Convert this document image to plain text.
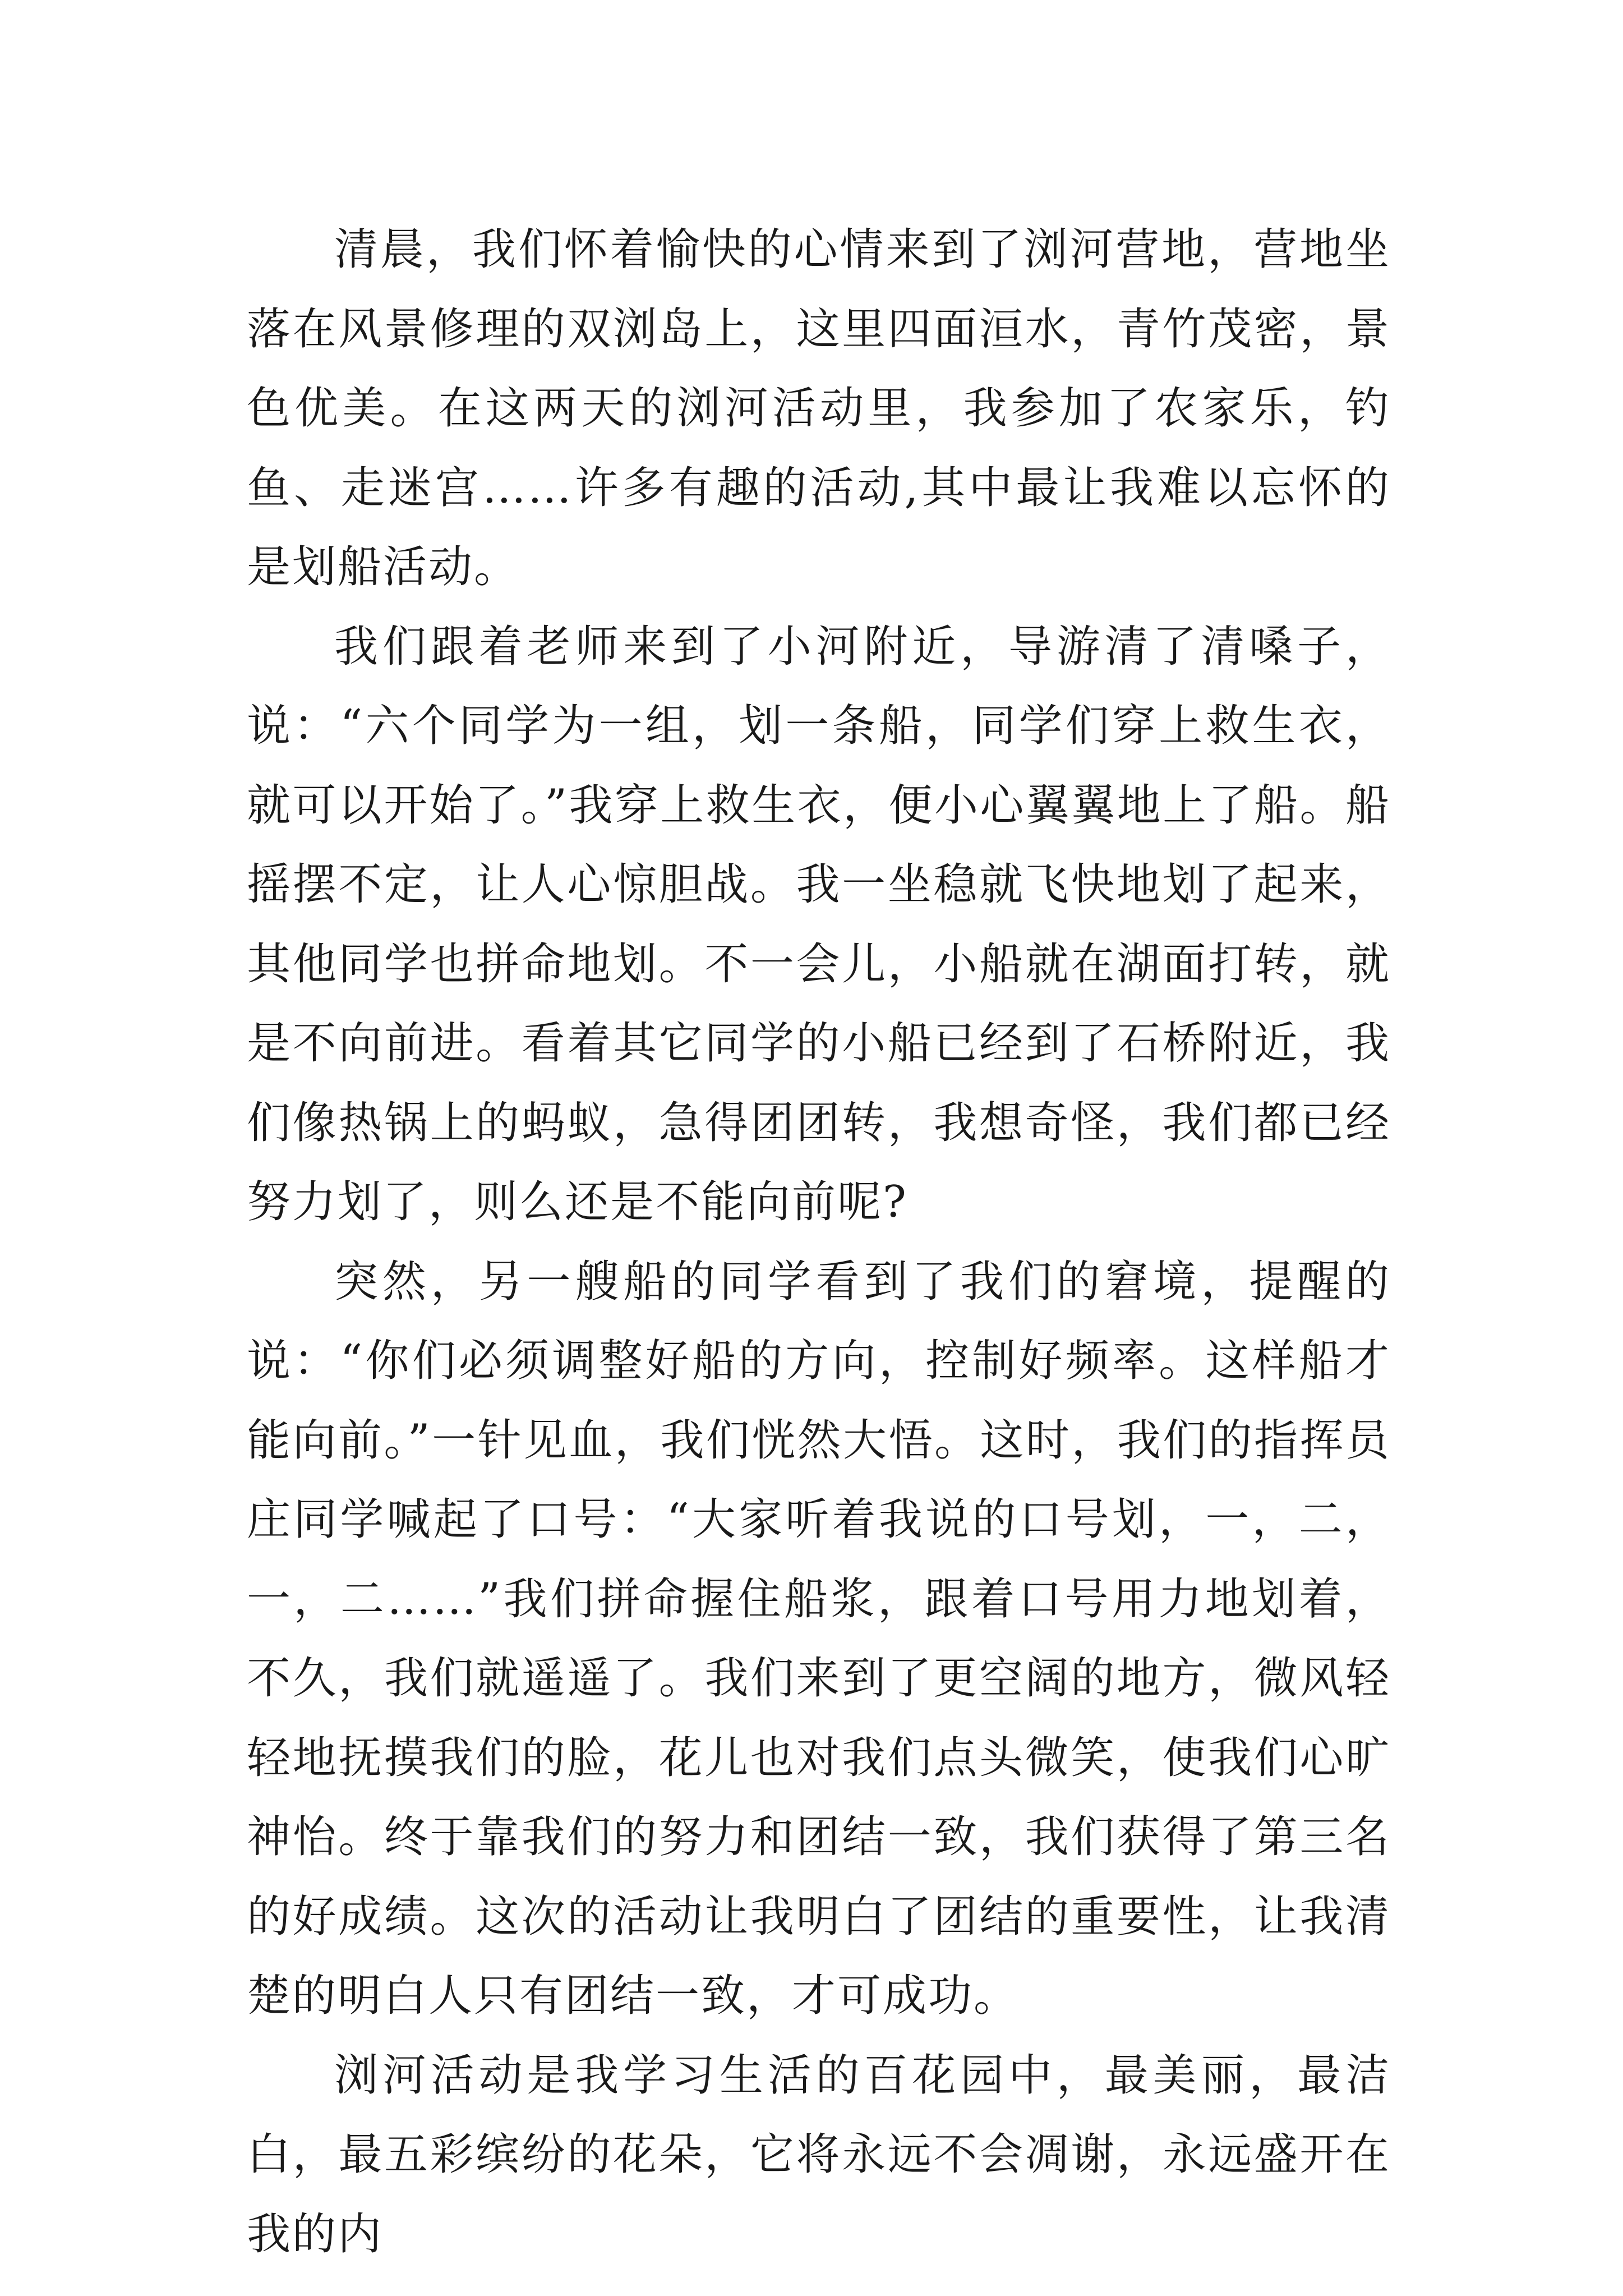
清晨，我们怀着愉快的心情来到了浏河营地，营地坐落在风景修理的双浏岛上，这里四面洹水，青竹茂密，景色优美。在这两天的浏河活动里，我参加了农家乐，钓鱼、走迷宫……许多有趣的活动,其中最让我难以忘怀的是划船活动。

我们跟着老师来到了小河附近，导游清了清嗓子，说：“六个同学为一组，划一条船，同学们穿上救生衣，就可以开始了。”我穿上救生衣，便小心翼翼地上了船。船摇摆不定，让人心惊胆战。我一坐稳就飞快地划了起来，其他同学也拼命地划。不一会儿，小船就在湖面打转，就是不向前进。看着其它同学的小船已经到了石桥附近，我们像热锅上的蚂蚁，急得团团转，我想奇怪，我们都已经努力划了，则么还是不能向前呢?

突然，另一艘船的同学看到了我们的窘境，提醒的说：“你们必须调整好船的方向，控制好频率。这样船才能向前。”一针见血，我们恍然大悟。这时，我们的指挥员庄同学喊起了口号：“大家听着我说的口号划，一，二，一，二……”我们拼命握住船浆，跟着口号用力地划着，不久，我们就遥遥了。我们来到了更空阔的地方，微风轻轻地抚摸我们的脸，花儿也对我们点头微笑，使我们心旷神怡。终于靠我们的努力和团结一致，我们获得了第三名的好成绩。这次的活动让我明白了团结的重要性，让我清楚的明白人只有团结一致，才可成功。

浏河活动是我学习生活的百花园中，最美丽，最洁白，最五彩缤纷的花朵，它将永远不会凋谢，永远盛开在我的内
